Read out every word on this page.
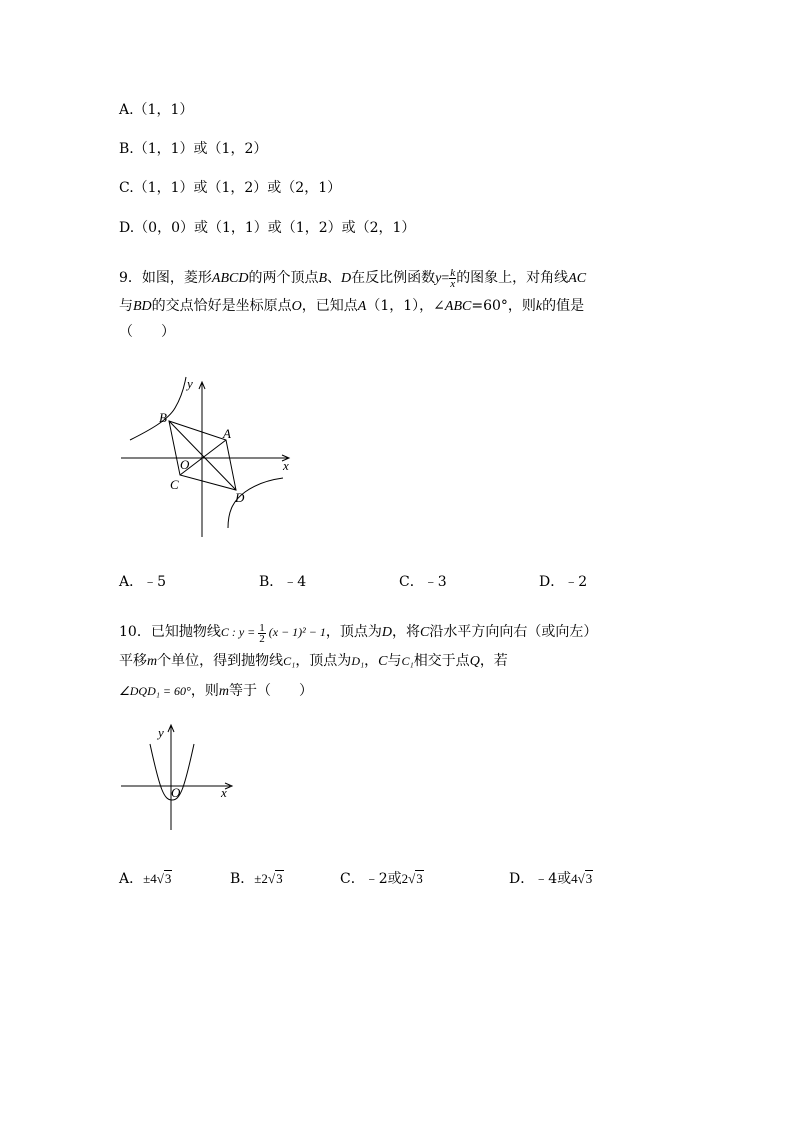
A.（1，1）
B.（1，1）或（1，2）
C.（1，1）或（1，2）或（2，1）
D.（0，0）或（1，1）或（1，2）或（2，1）
9．如图，菱形ABCD的两个顶点B、D在反比例函数$y= \frac{k}{x}$ 的图象上，对角线AC
与BD的交点恰好是坐标原点O，已知点A（1，1），∠ABC=60°，则k的值是
（　　）
y
x
B
A
O
C
D
A．﹣5	B．﹣4	C．﹣3	D．﹣2
10．已知抛物线C : $y = \frac{1}{2} (x - 1)^2 - 1$，顶点为D，将C沿水平方向向右（或向左）
平移m个单位，得到抛物线C₁，顶点为D₁，C与C₁相交于点Q，若
∠DQD₁ = 60°，则m等于（　　）
y
x
O
A．±4√3	B．±2√3	C．﹣2或2√3	D．﹣4或4√3
